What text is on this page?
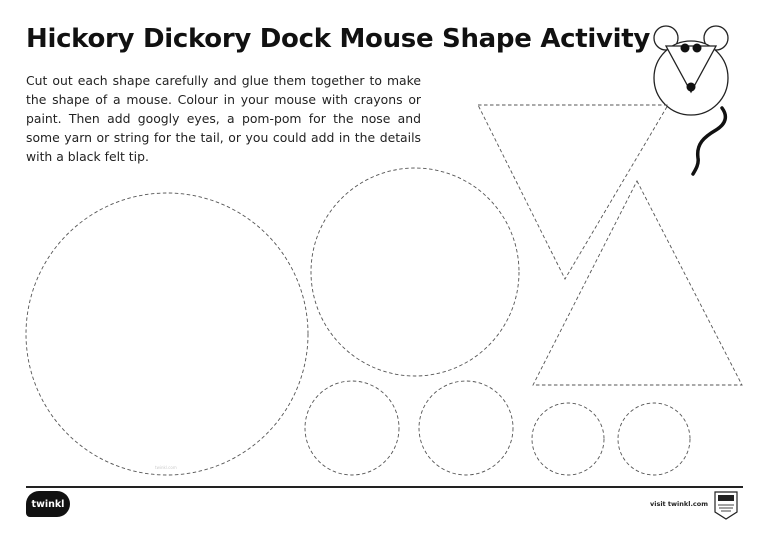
Hickory Dickory Dock Mouse Shape Activity
Cut out each shape carefully and glue them together to make the shape of a mouse. Colour in your mouse with crayons or paint. Then add googly eyes, a pom-pom for the nose and some yarn or string for the tail, or you could add in the details with a black felt tip.
twinkl.com
twinkl	visit twinkl.com
